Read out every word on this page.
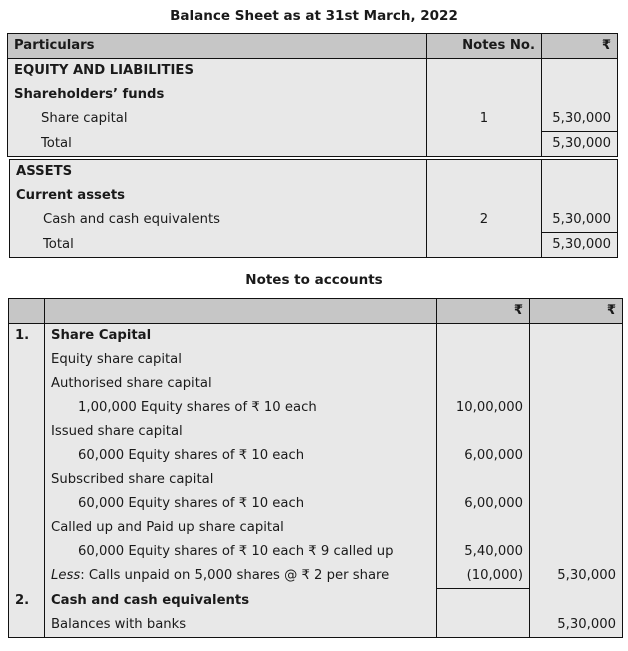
Balance Sheet as at 31st March, 2022
Particulars	Notes No.	₹
EQUITY AND LIABILITIES		
Shareholders’ funds		
Share capital	1	5,30,000
Total		5,30,000
ASSETS		
Current assets		
Cash and cash equivalents	2	5,30,000
Total		5,30,000
Notes to accounts
		₹	₹
1.	Share Capital		
	Equity share capital		
	Authorised share capital		
	1,00,000 Equity shares of ₹ 10 each	10,00,000	
	Issued share capital		
	60,000 Equity shares of ₹ 10 each	6,00,000	
	Subscribed share capital		
	60,000 Equity shares of ₹ 10 each	6,00,000	
	Called up and Paid up share capital		
	60,000 Equity shares of ₹ 10 each ₹ 9 called up	5,40,000	
	Less: Calls unpaid on 5,000 shares @ ₹ 2 per share	(10,000)	5,30,000
2.	Cash and cash equivalents		
	Balances with banks		5,30,000
